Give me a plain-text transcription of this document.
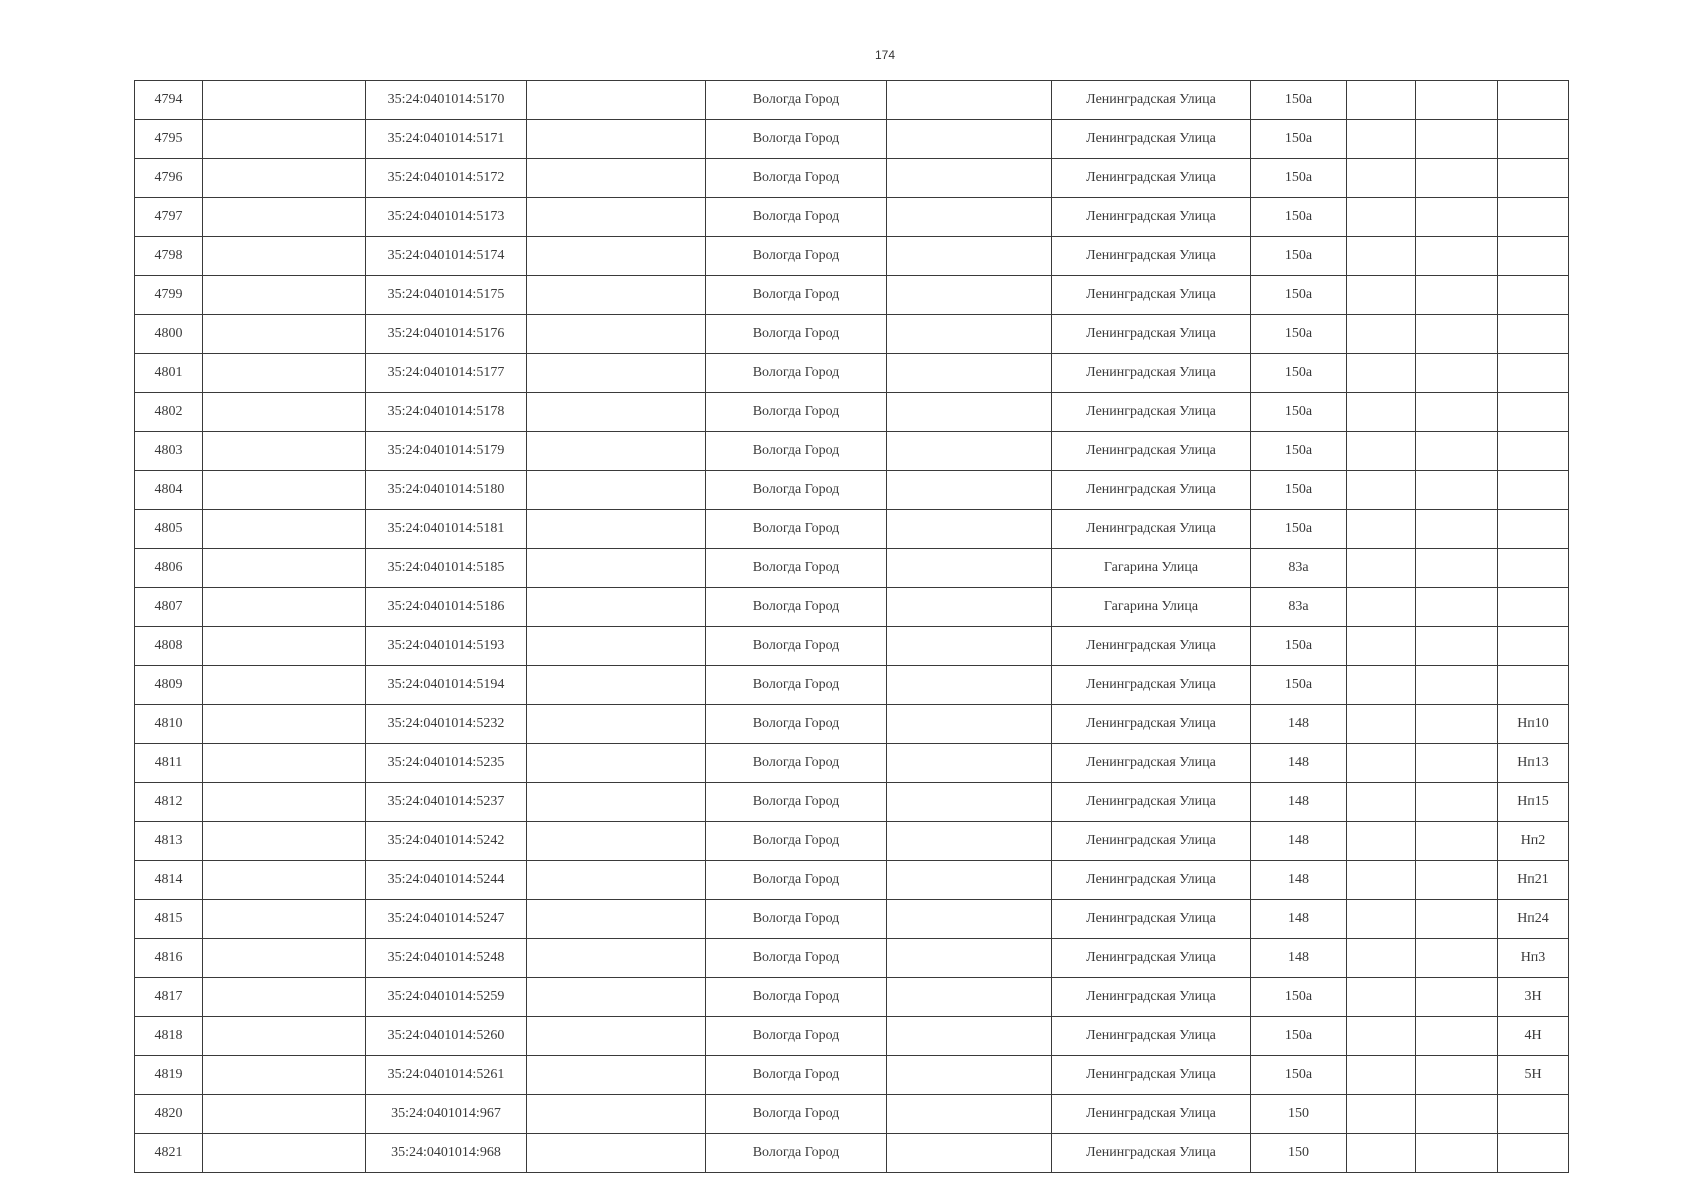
174
4794		35:24:0401014:5170		Вологда Город		Ленинградская Улица	150а			
4795		35:24:0401014:5171		Вологда Город		Ленинградская Улица	150а			
4796		35:24:0401014:5172		Вологда Город		Ленинградская Улица	150а			
4797		35:24:0401014:5173		Вологда Город		Ленинградская Улица	150а			
4798		35:24:0401014:5174		Вологда Город		Ленинградская Улица	150а			
4799		35:24:0401014:5175		Вологда Город		Ленинградская Улица	150а			
4800		35:24:0401014:5176		Вологда Город		Ленинградская Улица	150а			
4801		35:24:0401014:5177		Вологда Город		Ленинградская Улица	150а			
4802		35:24:0401014:5178		Вологда Город		Ленинградская Улица	150а			
4803		35:24:0401014:5179		Вологда Город		Ленинградская Улица	150а			
4804		35:24:0401014:5180		Вологда Город		Ленинградская Улица	150а			
4805		35:24:0401014:5181		Вологда Город		Ленинградская Улица	150а			
4806		35:24:0401014:5185		Вологда Город		Гагарина Улица	83а			
4807		35:24:0401014:5186		Вологда Город		Гагарина Улица	83а			
4808		35:24:0401014:5193		Вологда Город		Ленинградская Улица	150а			
4809		35:24:0401014:5194		Вологда Город		Ленинградская Улица	150а			
4810		35:24:0401014:5232		Вологда Город		Ленинградская Улица	148			Нп10
4811		35:24:0401014:5235		Вологда Город		Ленинградская Улица	148			Нп13
4812		35:24:0401014:5237		Вологда Город		Ленинградская Улица	148			Нп15
4813		35:24:0401014:5242		Вологда Город		Ленинградская Улица	148			Нп2
4814		35:24:0401014:5244		Вологда Город		Ленинградская Улица	148			Нп21
4815		35:24:0401014:5247		Вологда Город		Ленинградская Улица	148			Нп24
4816		35:24:0401014:5248		Вологда Город		Ленинградская Улица	148			Нп3
4817		35:24:0401014:5259		Вологда Город		Ленинградская Улица	150а			3Н
4818		35:24:0401014:5260		Вологда Город		Ленинградская Улица	150а			4Н
4819		35:24:0401014:5261		Вологда Город		Ленинградская Улица	150а			5Н
4820		35:24:0401014:967		Вологда Город		Ленинградская Улица	150			
4821		35:24:0401014:968		Вологда Город		Ленинградская Улица	150			
